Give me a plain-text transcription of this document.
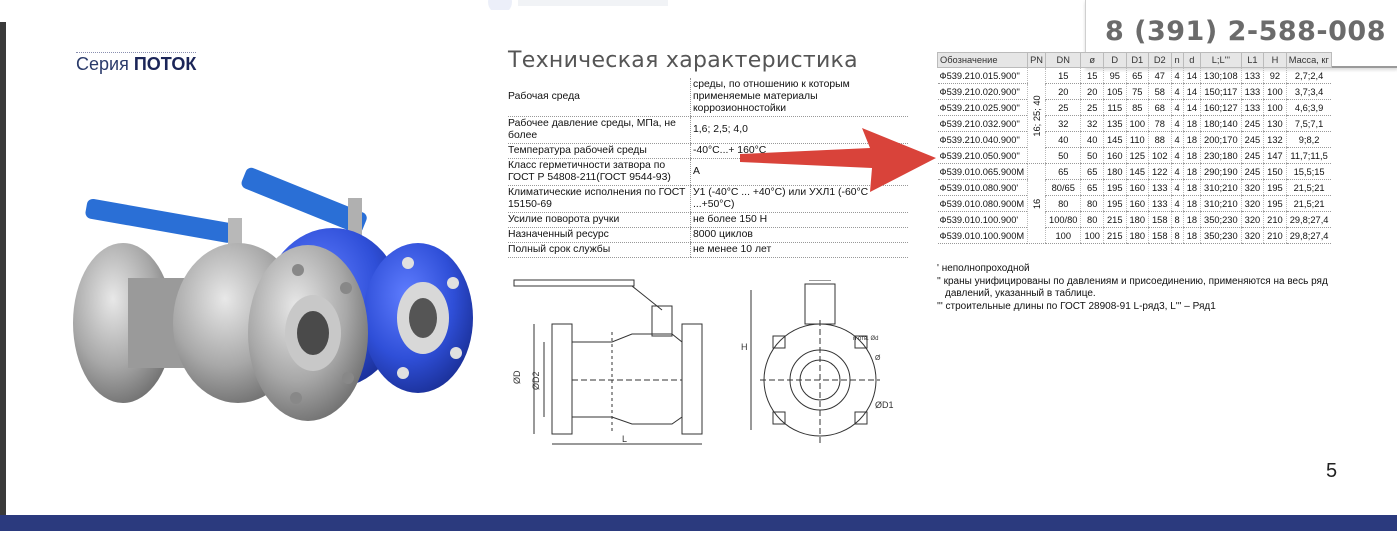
8 (391) 2-588-008
Серия ПОТОК	Техническая характеристика
Рабочая среда	среды, по отношению к которым применяемые материалы коррозионностойки
Рабочее давление среды, МПа, не более	1,6; 2,5; 4,0
Температура рабочей среды	-40°С...+ 160°С
Класс герметичности затвора по ГОСТ Р 54808-211(ГОСТ 9544-93)	А
Климатические исполнения по ГОСТ 15150-69	У1 (-40°С ... +40°С) или УХЛ1 (-60°С ...+50°С)
Усилие поворота ручки	не более 150 Н
Назначенный ресурс	8000 циклов
Полный срок службы	не менее 10 лет
Обозначение	PN	DN	ø	D	D1	D2	n	d	L;L'''	L1	H	Масса, кг
Ф539.210.015.900''	16; 25; 40	15	15	95	65	47	4	14	130;108	133	92	2,7;2,4
Ф539.210.020.900''		20	20	105	75	58	4	14	150;117	133	100	3,7;3,4
Ф539.210.025.900''		25	25	115	85	68	4	14	160;127	133	100	4,6;3,9
Ф539.210.032.900''		32	32	135	100	78	4	18	180;140	245	130	7,5;7,1
Ф539.210.040.900''		40	40	145	110	88	4	18	200;170	245	132	9;8,2
Ф539.210.050.900''		50	50	160	125	102	4	18	230;180	245	147	11,7;11,5
Ф539.010.065.900М	16	65	65	180	145	122	4	18	290;190	245	150	15,5;15
Ф539.010.080.900'		80/65	65	195	160	133	4	18	310;210	320	195	21,5;21
Ф539.010.080.900М		80	80	195	160	133	4	18	310;210	320	195	21,5;21
Ф539.010.100.900'		100/80	80	215	180	158	8	18	350;230	320	210	29,8;27,4
Ф539.010.100.900М		100	100	215	180	158	8	18	350;230	320	210	29,8;27,4
' неполнопроходной
'' краны унифицированы по давлениям и присоединению, применяются на весь ряд
давлений, указанный в таблице.
''' строительные длины по ГОСТ 28908-91 L-ряд3, L''' – Ряд1
5
ØD ØD2
L
H
ØD1
Ø
n отв. Ød
